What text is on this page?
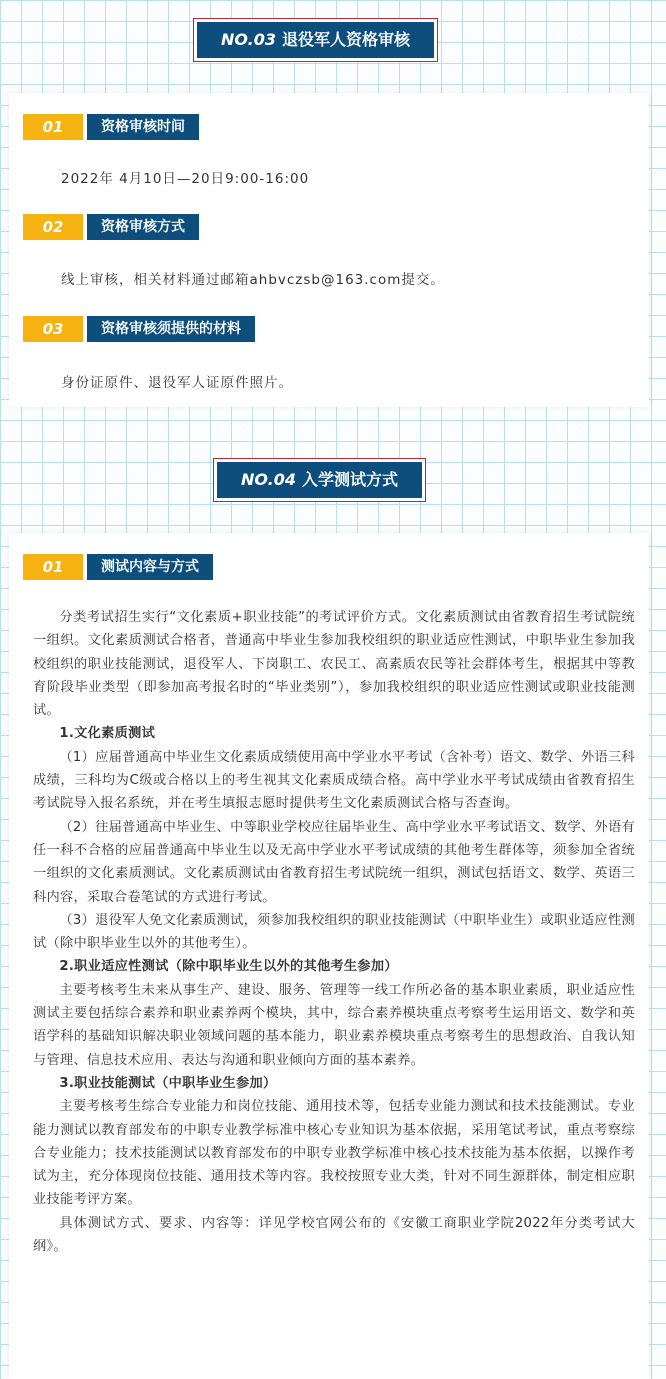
NO.03 退役军人资格审核
01	资格审核时间
2022年 4月10日—20日9:00-16:00
02	资格审核方式
线上审核，相关材料通过邮箱ahbvczsb@163.com提交。
03	资格审核须提供的材料
身份证原件、退役军人证原件照片。
NO.04 入学测试方式
01	测试内容与方式

分类考试招生实行“文化素质+职业技能”的考试评价方式。文化素质测试由省教育招生考试院统一组织。文化素质测试合格者，普通高中毕业生参加我校组织的职业适应性测试，中职毕业生参加我校组织的职业技能测试，退役军人、下岗职工、农民工、高素质农民等社会群体考生，根据其中等教育阶段毕业类型（即参加高考报名时的“毕业类别”），参加我校组织的职业适应性测试或职业技能测试。

1.文化素质测试

（1）应届普通高中毕业生文化素质成绩使用高中学业水平考试（含补考）语文、数学、外语三科成绩，三科均为C级或合格以上的考生视其文化素质成绩合格。高中学业水平考试成绩由省教育招生考试院导入报名系统，并在考生填报志愿时提供考生文化素质测试合格与否查询。

（2）往届普通高中毕业生、中等职业学校应往届毕业生、高中学业水平考试语文、数学、外语有任一科不合格的应届普通高中毕业生以及无高中学业水平考试成绩的其他考生群体等，须参加全省统一组织的文化素质测试。文化素质测试由省教育招生考试院统一组织，测试包括语文、数学、英语三科内容，采取合卷笔试的方式进行考试。

（3）退役军人免文化素质测试，须参加我校组织的职业技能测试（中职毕业生）或职业适应性测试（除中职毕业生以外的其他考生）。

2.职业适应性测试（除中职毕业生以外的其他考生参加）

主要考核考生未来从事生产、建设、服务、管理等一线工作所必备的基本职业素质，职业适应性测试主要包括综合素养和职业素养两个模块，其中，综合素养模块重点考察考生运用语文、数学和英语学科的基础知识解决职业领域问题的基本能力，职业素养模块重点考察考生的思想政治、自我认知与管理、信息技术应用、表达与沟通和职业倾向方面的基本素养。

3.职业技能测试（中职毕业生参加）

主要考核考生综合专业能力和岗位技能、通用技术等，包括专业能力测试和技术技能测试。专业能力测试以教育部发布的中职专业教学标准中核心专业知识为基本依据，采用笔试考试，重点考察综合专业能力；技术技能测试以教育部发布的中职专业教学标准中核心技术技能为基本依据，以操作考试为主，充分体现岗位技能、通用技术等内容。我校按照专业大类，针对不同生源群体，制定相应职业技能考评方案。

具体测试方式、要求、内容等：详见学校官网公布的《安徽工商职业学院2022年分类考试大纲》。
